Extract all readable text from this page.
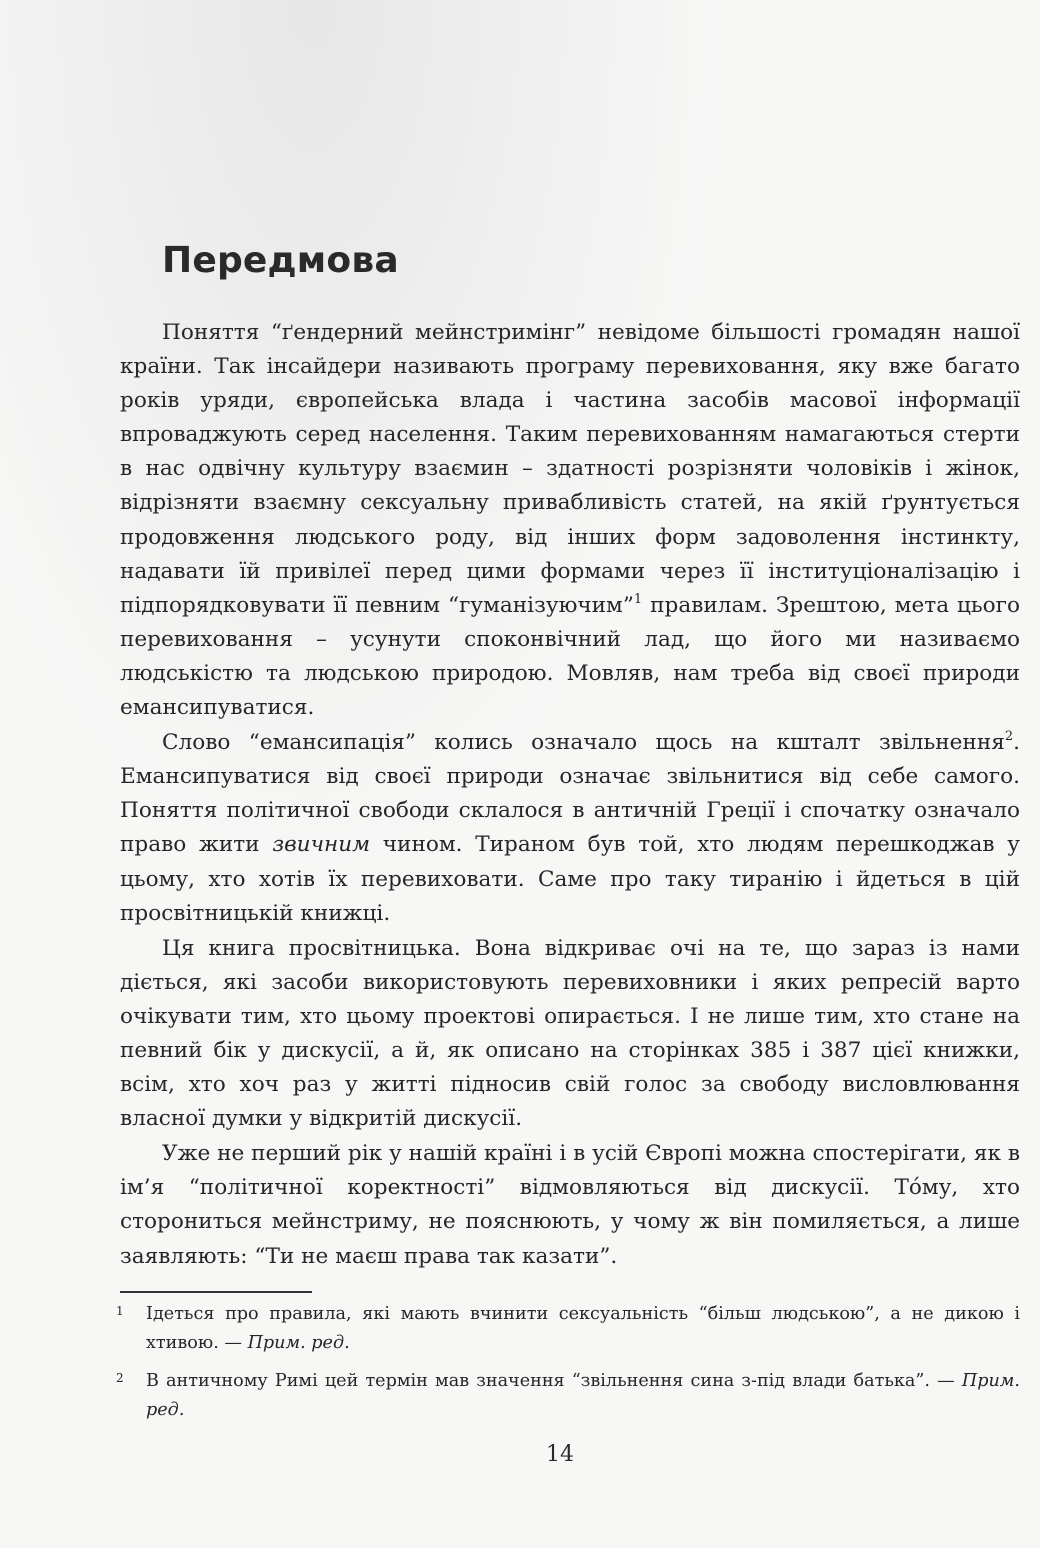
Передмова

Поняття “ґендерний мейнстримінг” невідоме більшості громадян нашої країни. Так інсайдери називають програму перевиховання, яку вже багато років уряди, європейська влада і частина засобів масової інформації впроваджують серед населення. Таким перевихованням намагаються стерти в нас одвічну культуру взаємин – здатності розрізняти чоловіків і жінок, відрізняти взаємну сексуальну привабливість статей, на якій ґрунтується продовження людського роду, від інших форм задоволення інстинкту, надавати їй привілеї перед цими формами через її інституціоналізацію і підпорядковувати її певним “гуманізуючим”$^1$ правилам. Зрештою, мета цього перевиховання – усунути споконвічний лад, що його ми називаємо людськістю та людською природою. Мовляв, нам треба від своєї природи емансипуватися.

Слово “емансипація” колись означало щось на кшталт звільнення$^2$. Емансипуватися від своєї природи означає звільнитися від себе самого. Поняття політичної свободи склалося в античній Греції і спочатку означало право жити звичним чином. Тираном був той, хто людям перешкоджав у цьому, хто хотів їх перевиховати. Саме про таку тиранію і йдеться в цій просвітницькій книжці.

Ця книга просвітницька. Вона відкриває очі на те, що зараз із нами діється, які засоби використовують перевиховники і яких репресій варто очікувати тим, хто цьому проектові опирається. І не лише тим, хто стане на певний бік у дискусії, а й, як описано на сторінках 385 і 387 цієї книжки, всім, хто хоч раз у житті підносив свій голос за свободу висловлювання власної думки у відкритій дискусії.

Уже не перший рік у нашій країні і в усій Європі можна спостерігати, як в ім’я “політичної коректності” відмовляються від дискусії. Тóму, хто сторониться мейнстриму, не пояснюють, у чому ж він помиляється, а лише заявляють: “Ти не маєш права так казати”.

1 Ідеться про правила, які мають вчинити сексуальність “більш людською”, а не дикою і хтивою. — Прим. ред.
2 В античному Римі цей термін мав значення “звільнення сина з-під влади батька”. — Прим. ред.
14
